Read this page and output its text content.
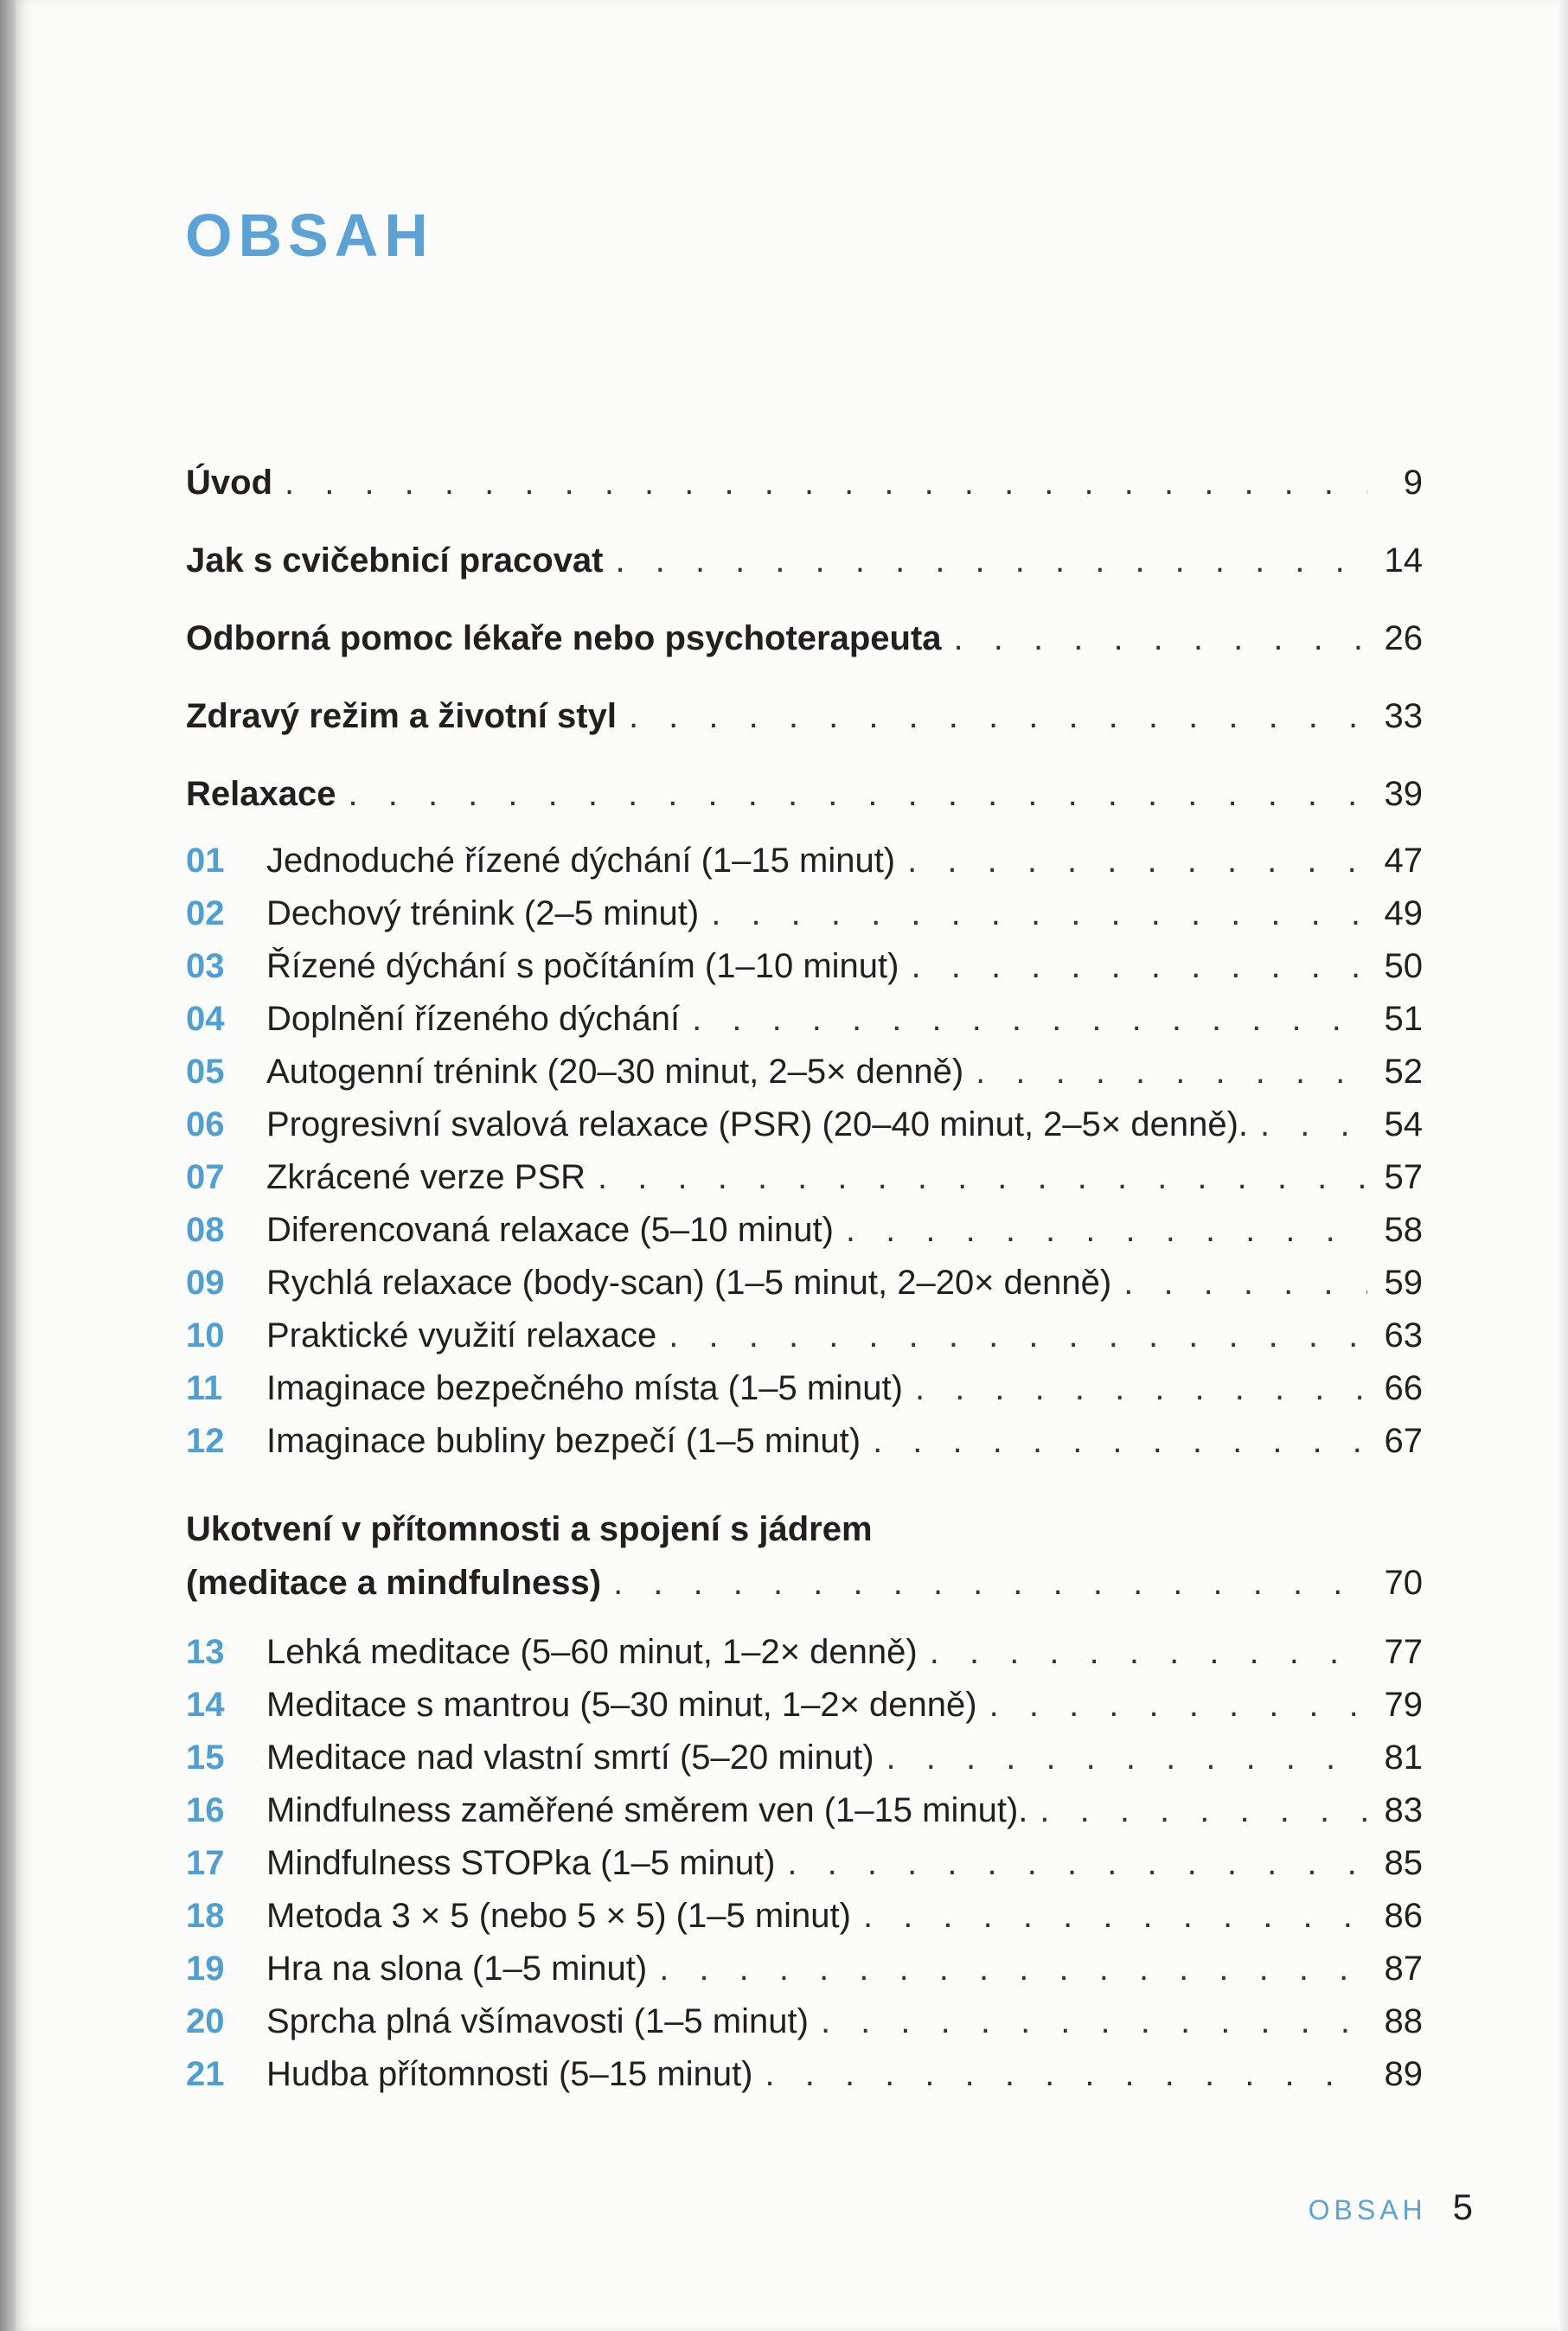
OBSAH
Úvod . . .	9
Jak s cvičebnicí pracovat . . .	14
Odborná pomoc lékaře nebo psychoterapeuta . . .	26
Zdravý režim a životní styl . . .	33
Relaxace . . .	39
01	Jednoduché řízené dýchání (1–15 minut) . . .	47
02	Dechový trénink (2–5 minut) . . .	49
03	Řízené dýchání s počítáním (1–10 minut) . . .	50
04	Doplnění řízeného dýchání . . .	51
05	Autogenní trénink (20–30 minut, 2–5× denně) . . .	52
06	Progresivní svalová relaxace (PSR) (20–40 minut, 2–5× denně). . . .	54
07	Zkrácené verze PSR . . .	57
08	Diferencovaná relaxace (5–10 minut) . . .	58
09	Rychlá relaxace (body-scan) (1–5 minut, 2–20× denně) . . .	59
10	Praktické využití relaxace . . .	63
11	Imaginace bezpečného místa (1–5 minut) . . .	66
12	Imaginace bubliny bezpečí (1–5 minut) . . .	67
Ukotvení v přítomnosti a spojení s jádrem
(meditace a mindfulness) . . .	70
13	Lehká meditace (5–60 minut, 1–2× denně) . . .	77
14	Meditace s mantrou (5–30 minut, 1–2× denně) . . .	79
15	Meditace nad vlastní smrtí (5–20 minut) . . .	81
16	Mindfulness zaměřené směrem ven (1–15 minut). . . .	83
17	Mindfulness STOPka (1–5 minut) . . .	85
18	Metoda 3 × 5 (nebo 5 × 5) (1–5 minut) . . .	86
19	Hra na slona (1–5 minut) . . .	87
20	Sprcha plná všímavosti (1–5 minut) . . .	88
21	Hudba přítomnosti (5–15 minut) . . .	89
OBSAH 5
